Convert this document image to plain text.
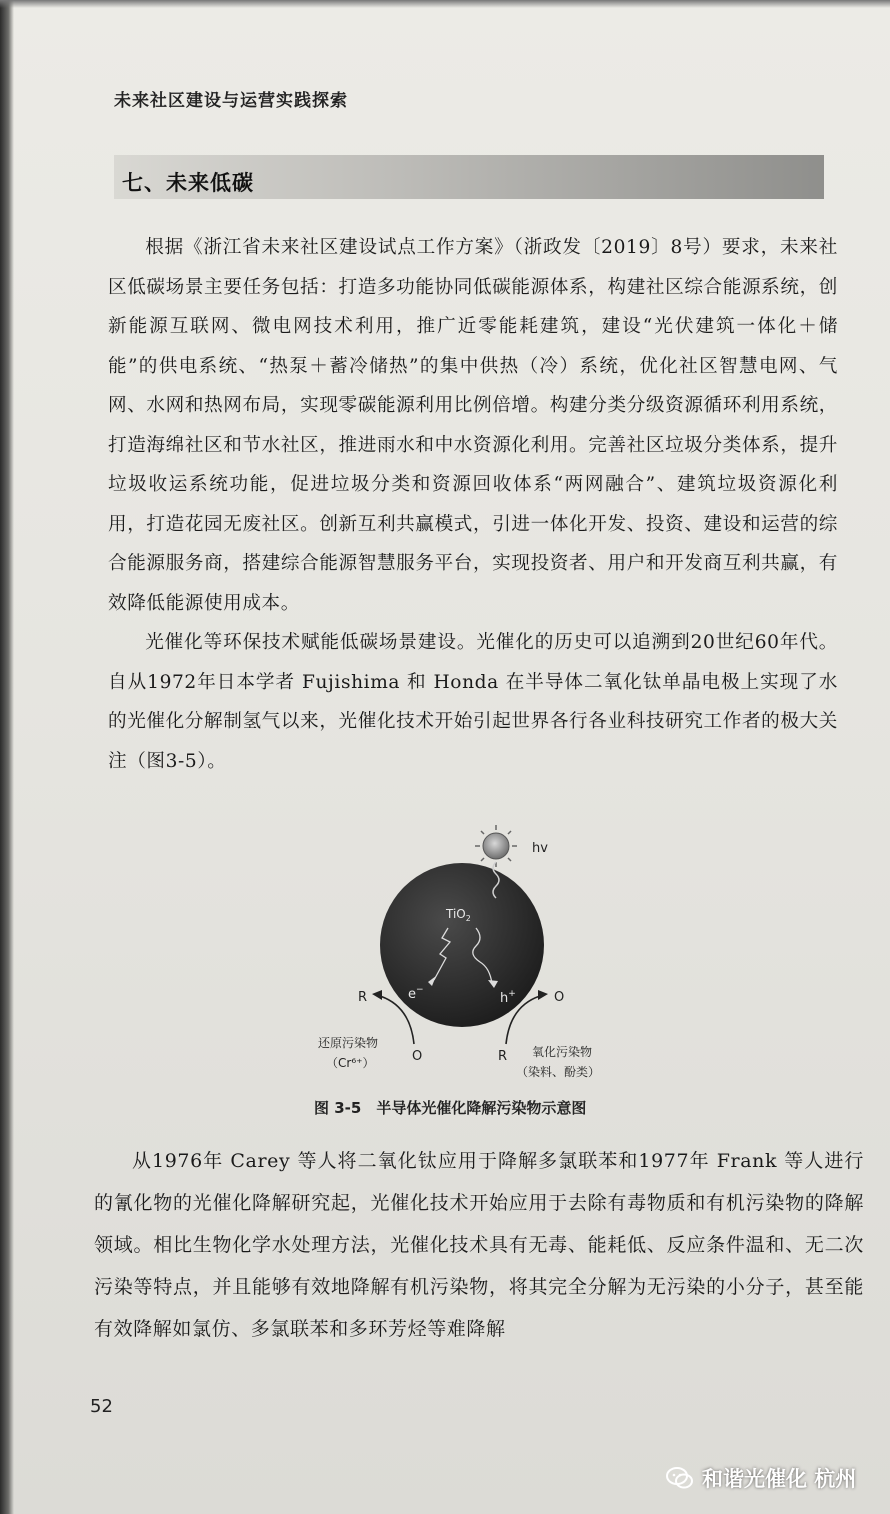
未来社区建设与运营实践探索
七、未来低碳

根据《浙江省未来社区建设试点工作方案》（浙政发〔2019〕8号）要求，未来社区低碳场景主要任务包括：打造多功能协同低碳能源体系，构建社区综合能源系统，创新能源互联网、微电网技术利用，推广近零能耗建筑，建设“光伏建筑一体化＋储能”的供电系统、“热泵＋蓄冷储热”的集中供热（冷）系统，优化社区智慧电网、气网、水网和热网布局，实现零碳能源利用比例倍增。构建分类分级资源循环利用系统，打造海绵社区和节水社区，推进雨水和中水资源化利用。完善社区垃圾分类体系，提升垃圾收运系统功能，促进垃圾分类和资源回收体系“两网融合”、建筑垃圾资源化利用，打造花园无废社区。创新互利共赢模式，引进一体化开发、投资、建设和运营的综合能源服务商，搭建综合能源智慧服务平台，实现投资者、用户和开发商互利共赢，有效降低能源使用成本。

光催化等环保技术赋能低碳场景建设。光催化的历史可以追溯到20世纪60年代。自从1972年日本学者 Fujishima 和 Honda 在半导体二氧化钛单晶电极上实现了水的光催化分解制氢气以来，光催化技术开始引起世界各行各业科技研究工作者的极大关注（图3-5）。

hv
TiO$_2$
e−
h+
R
O
O
R
还原污染物
（Cr⁶⁺）
氧化污染物
（染料、酚类）
图 3-5　半导体光催化降解污染物示意图

从1976年 Carey 等人将二氧化钛应用于降解多氯联苯和1977年 Frank 等人进行的氰化物的光催化降解研究起，光催化技术开始应用于去除有毒物质和有机污染物的降解领域。相比生物化学水处理方法，光催化技术具有无毒、能耗低、反应条件温和、无二次污染等特点，并且能够有效地降解有机污染物，将其完全分解为无污染的小分子，甚至能有效降解如氯仿、多氯联苯和多环芳烃等难降解

52
和谐光催化 杭州
